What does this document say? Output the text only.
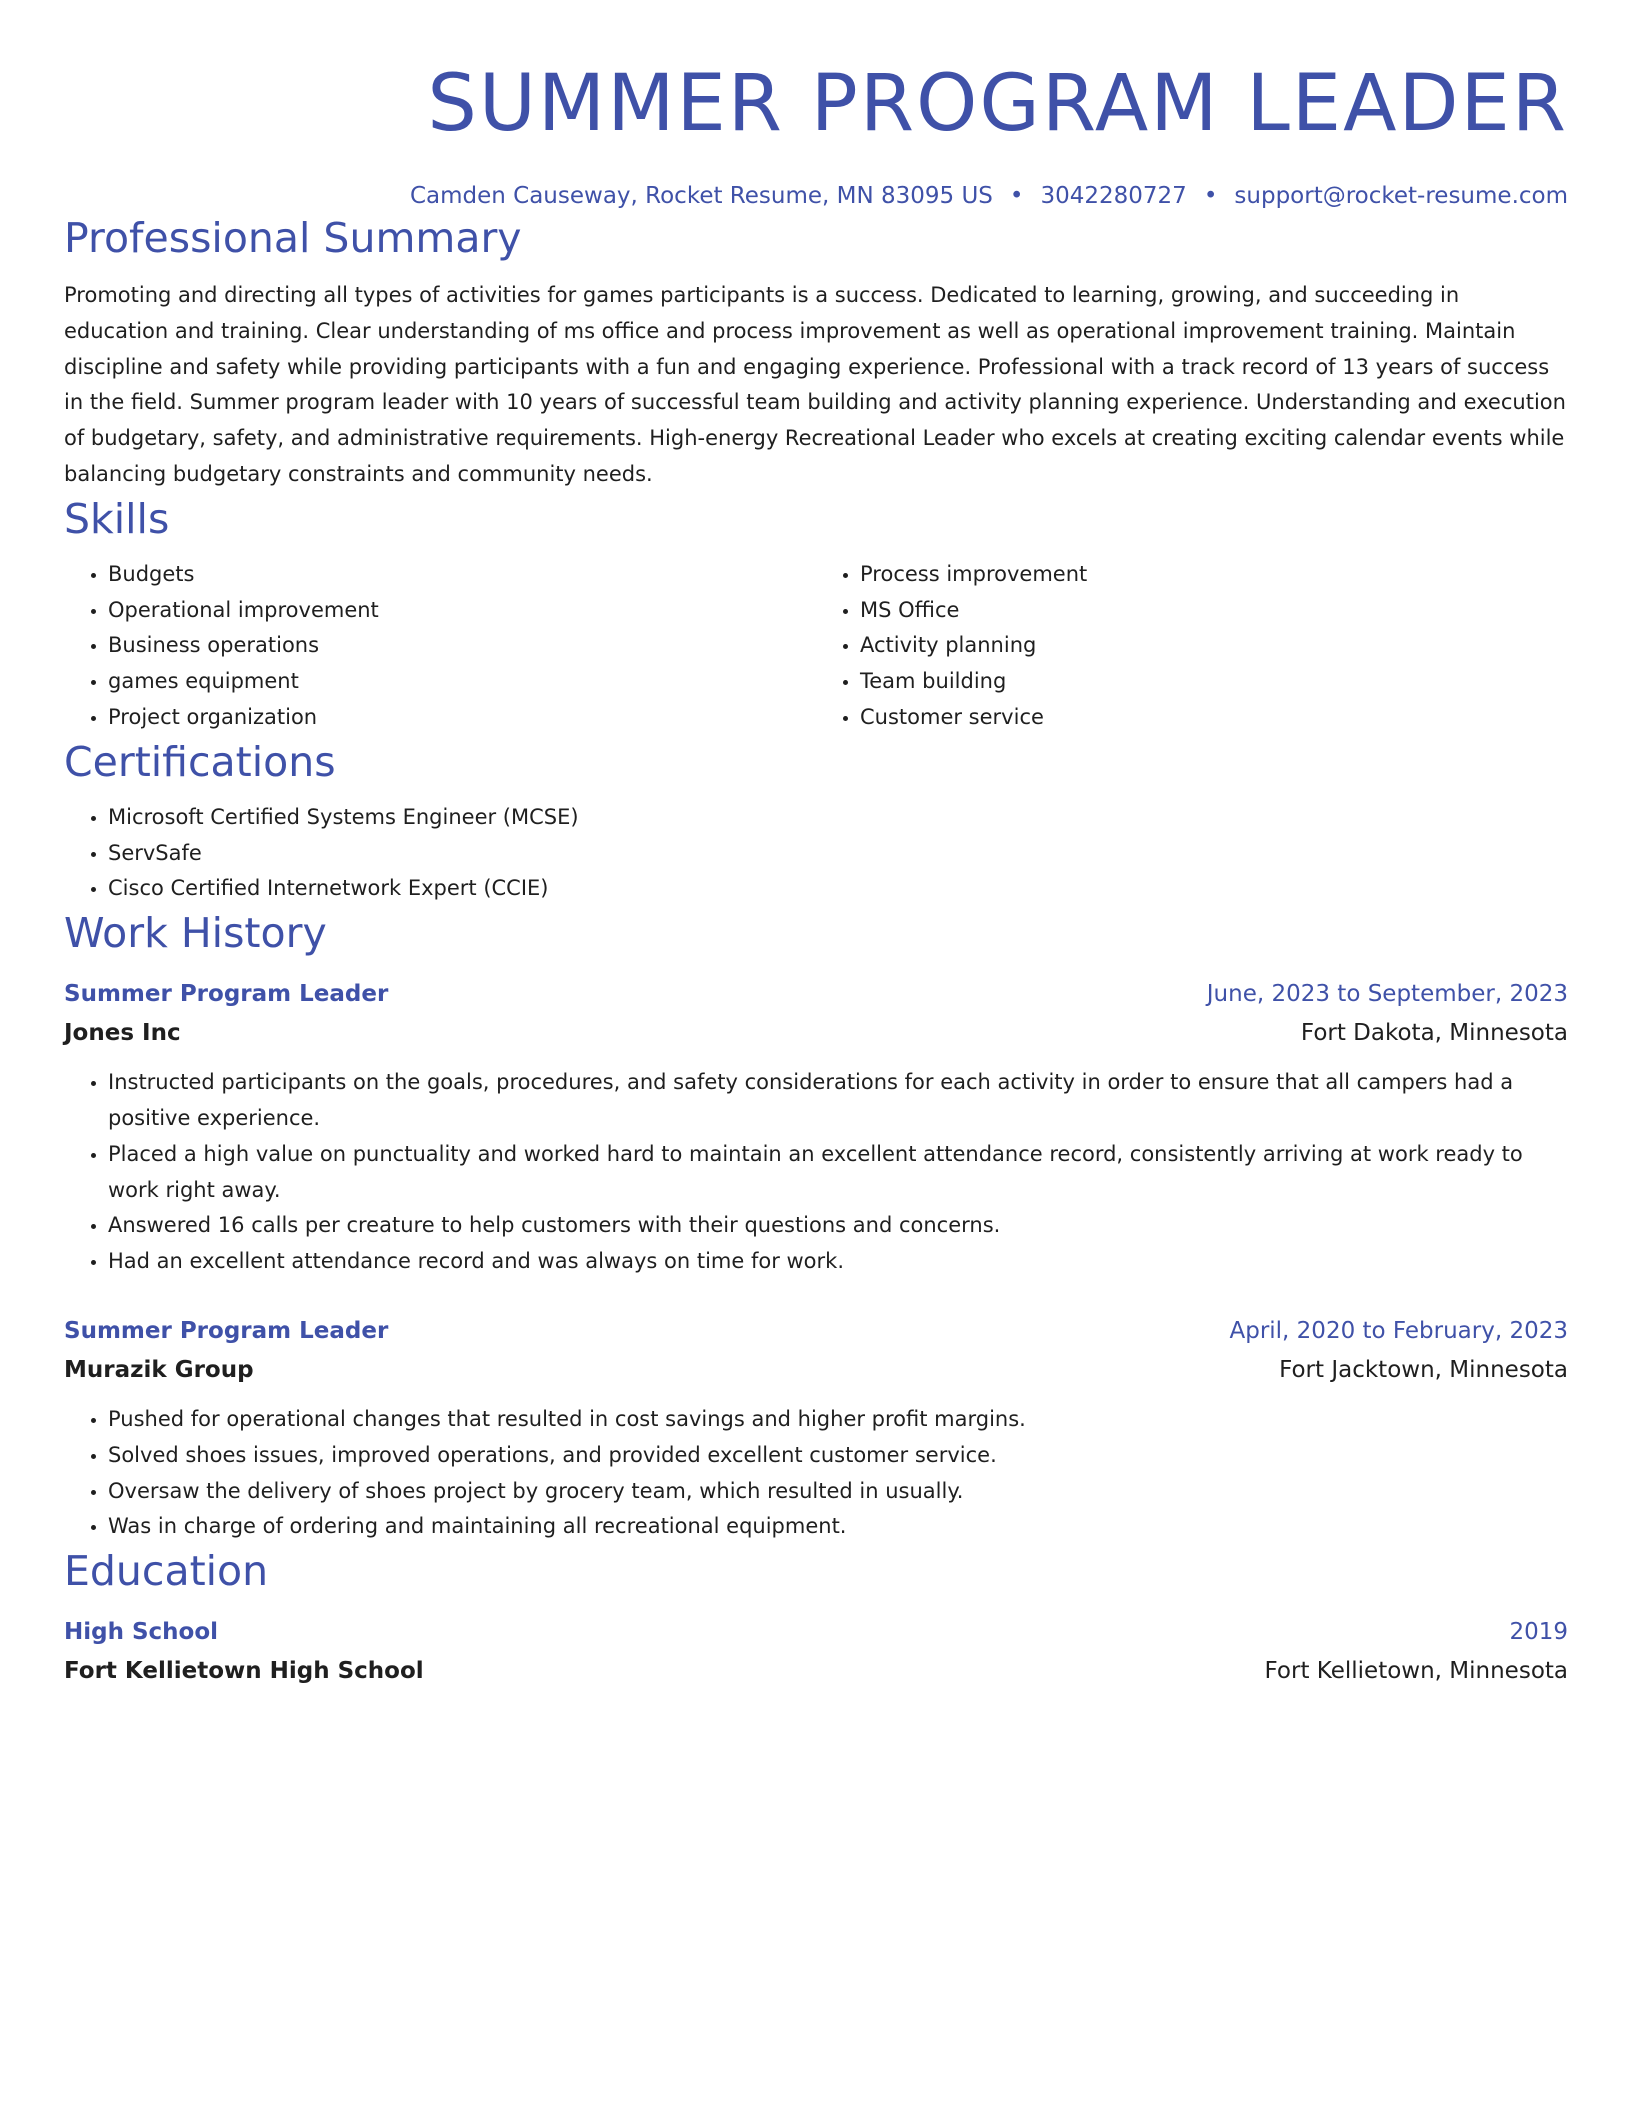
SUMMER PROGRAM LEADER
Camden Causeway, Rocket Resume, MN 83095 US • 3042280727 • support@rocket-resume.com
Professional Summary

Promoting and directing all types of activities for games participants is a success. Dedicated to learning, growing, and succeeding in education and training. Clear understanding of ms office and process improvement as well as operational improvement training. Maintain discipline and safety while providing participants with a fun and engaging experience. Professional with a track record of 13 years of success in the field. Summer program leader with 10 years of successful team building and activity planning experience. Understanding and execution of budgetary, safety, and administrative requirements. High-energy Recreational Leader who excels at creating exciting calendar events while balancing budgetary constraints and community needs.

Skills
• Budgets
• Operational improvement
• Business operations
• games equipment
• Project organization
• Process improvement
• MS Office
• Activity planning
• Team building
• Customer service
Certifications
• Microsoft Certified Systems Engineer (MCSE)
• ServSafe
• Cisco Certified Internetwork Expert (CCIE)
Work History
Summer Program Leader	June, 2023 to September, 2023
Jones Inc	Fort Dakota, Minnesota
• Instructed participants on the goals, procedures, and safety considerations for each activity in order to ensure that all campers had a positive experience.
• Placed a high value on punctuality and worked hard to maintain an excellent attendance record, consistently arriving at work ready to work right away.
• Answered 16 calls per creature to help customers with their questions and concerns.
• Had an excellent attendance record and was always on time for work.
Summer Program Leader	April, 2020 to February, 2023
Murazik Group	Fort Jacktown, Minnesota
• Pushed for operational changes that resulted in cost savings and higher profit margins.
• Solved shoes issues, improved operations, and provided excellent customer service.
• Oversaw the delivery of shoes project by grocery team, which resulted in usually.
• Was in charge of ordering and maintaining all recreational equipment.
Education
High School	2019
Fort Kellietown High School	Fort Kellietown, Minnesota
